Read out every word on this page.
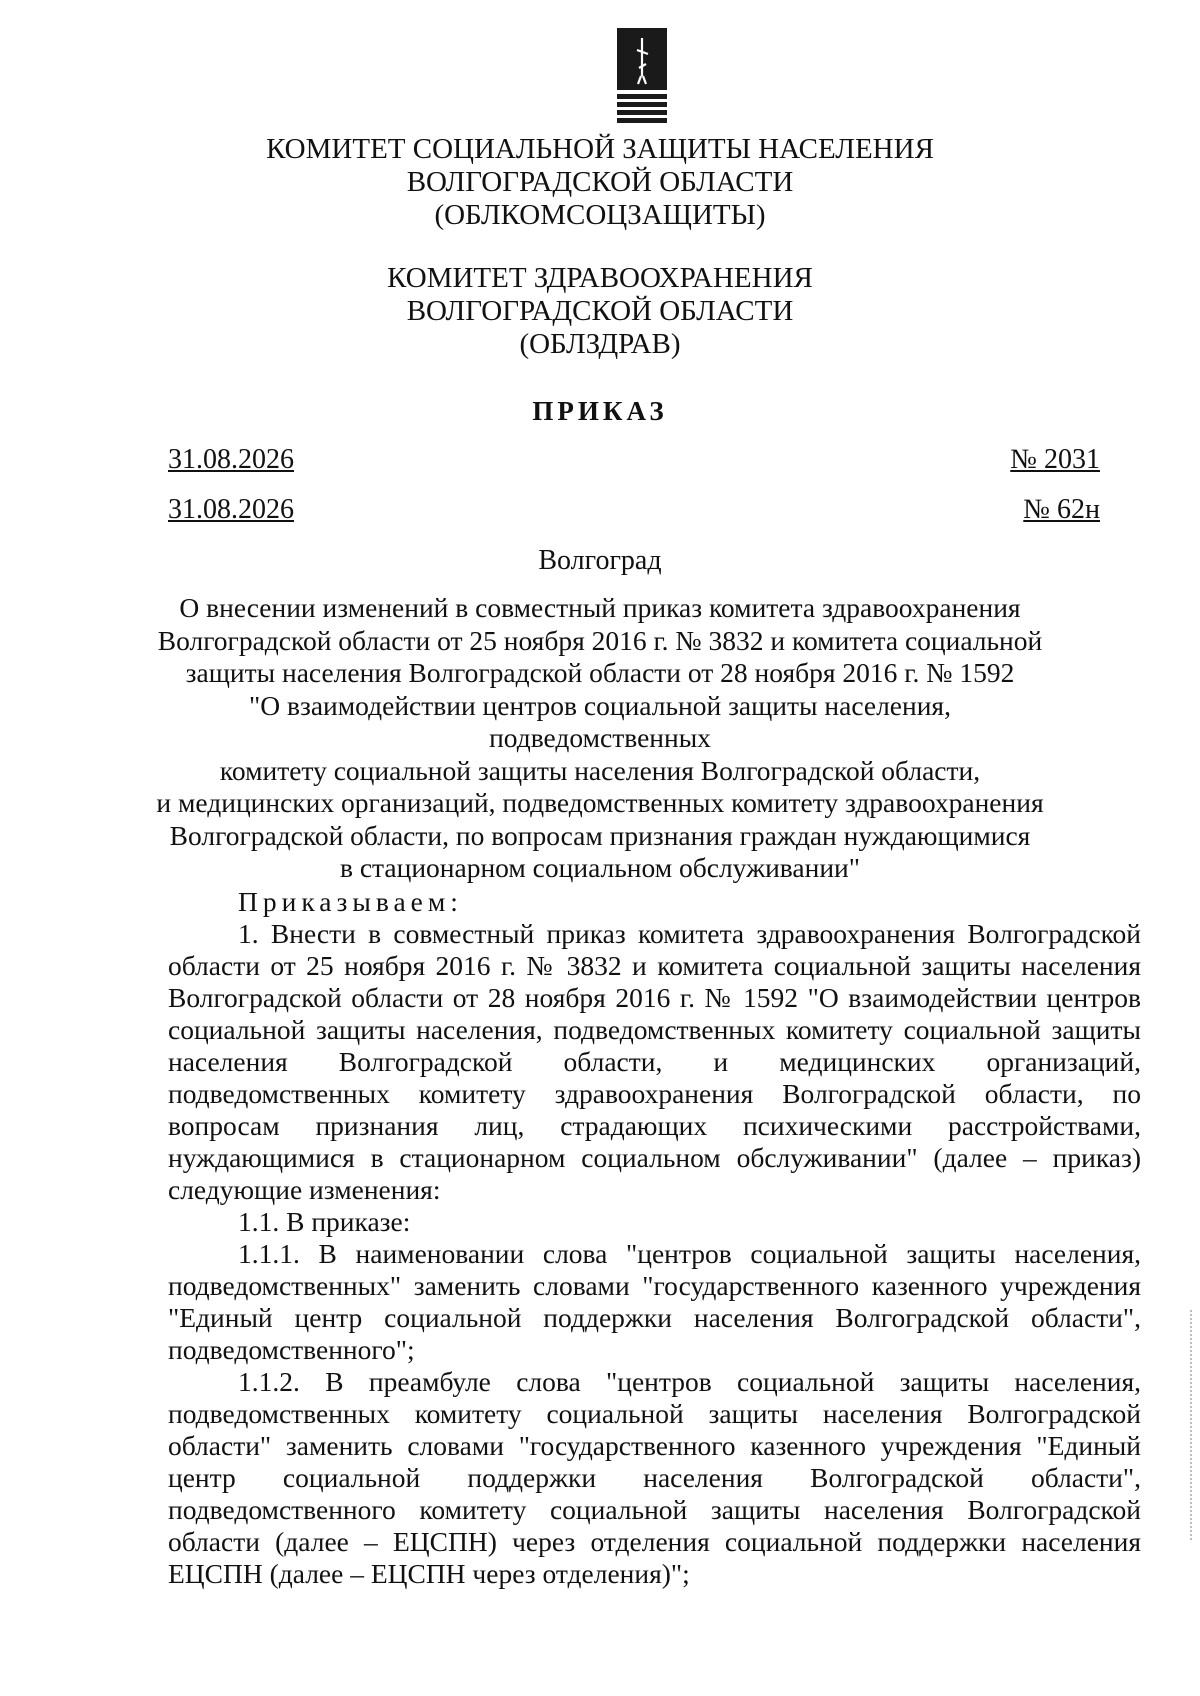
КОМИТЕТ СОЦИАЛЬНОЙ ЗАЩИТЫ НАСЕЛЕНИЯ
ВОЛГОГРАДСКОЙ ОБЛАСТИ
(ОБЛКОМСОЦЗАЩИТЫ)
КОМИТЕТ ЗДРАВООХРАНЕНИЯ
ВОЛГОГРАДСКОЙ ОБЛАСТИ
(ОБЛЗДРАВ)
ПРИКАЗ
31.08.2026	№ 2031
31.08.2026	№ 62н
Волгоград
О внесении изменений в совместный приказ комитета здравоохранения
Волгоградской области от 25 ноября 2016 г. № 3832 и комитета социальной
защиты населения Волгоградской области от 28 ноября 2016 г. № 1592
"О взаимодействии центров социальной защиты населения, подведомственных
комитету социальной защиты населения Волгоградской области,
и медицинских организаций, подведомственных комитету здравоохранения
Волгоградской области, по вопросам признания граждан нуждающимися
в стационарном социальном обслуживании"

Приказываем:

1. Внести в совместный приказ комитета здравоохранения Волгоградской области от 25 ноября 2016 г. № 3832 и комитета социальной защиты населения Волгоградской области от 28 ноября 2016 г. № 1592 "О взаимодействии центров социальной защиты населения, подведомственных комитету социальной защиты населения Волгоградской области, и медицинских организаций, подведомственных комитету здравоохранения Волгоградской области, по вопросам признания лиц, страдающих психическими расстройствами, нуждающимися в стационарном социальном обслуживании" (далее – приказ) следующие изменения:

1.1. В приказе:

1.1.1. В наименовании слова "центров социальной защиты населения, подведомственных" заменить словами "государственного казенного учреждения "Единый центр социальной поддержки населения Волгоградской области", подведомственного";

1.1.2. В преамбуле слова "центров социальной защиты населения, подведомственных комитету социальной защиты населения Волгоградской области" заменить словами "государственного казенного учреждения "Единый центр социальной поддержки населения Волгоградской области", подведомственного комитету социальной защиты населения Волгоградской области (далее – ЕЦСПН) через отделения социальной поддержки населения ЕЦСПН (далее – ЕЦСПН через отделения)";
